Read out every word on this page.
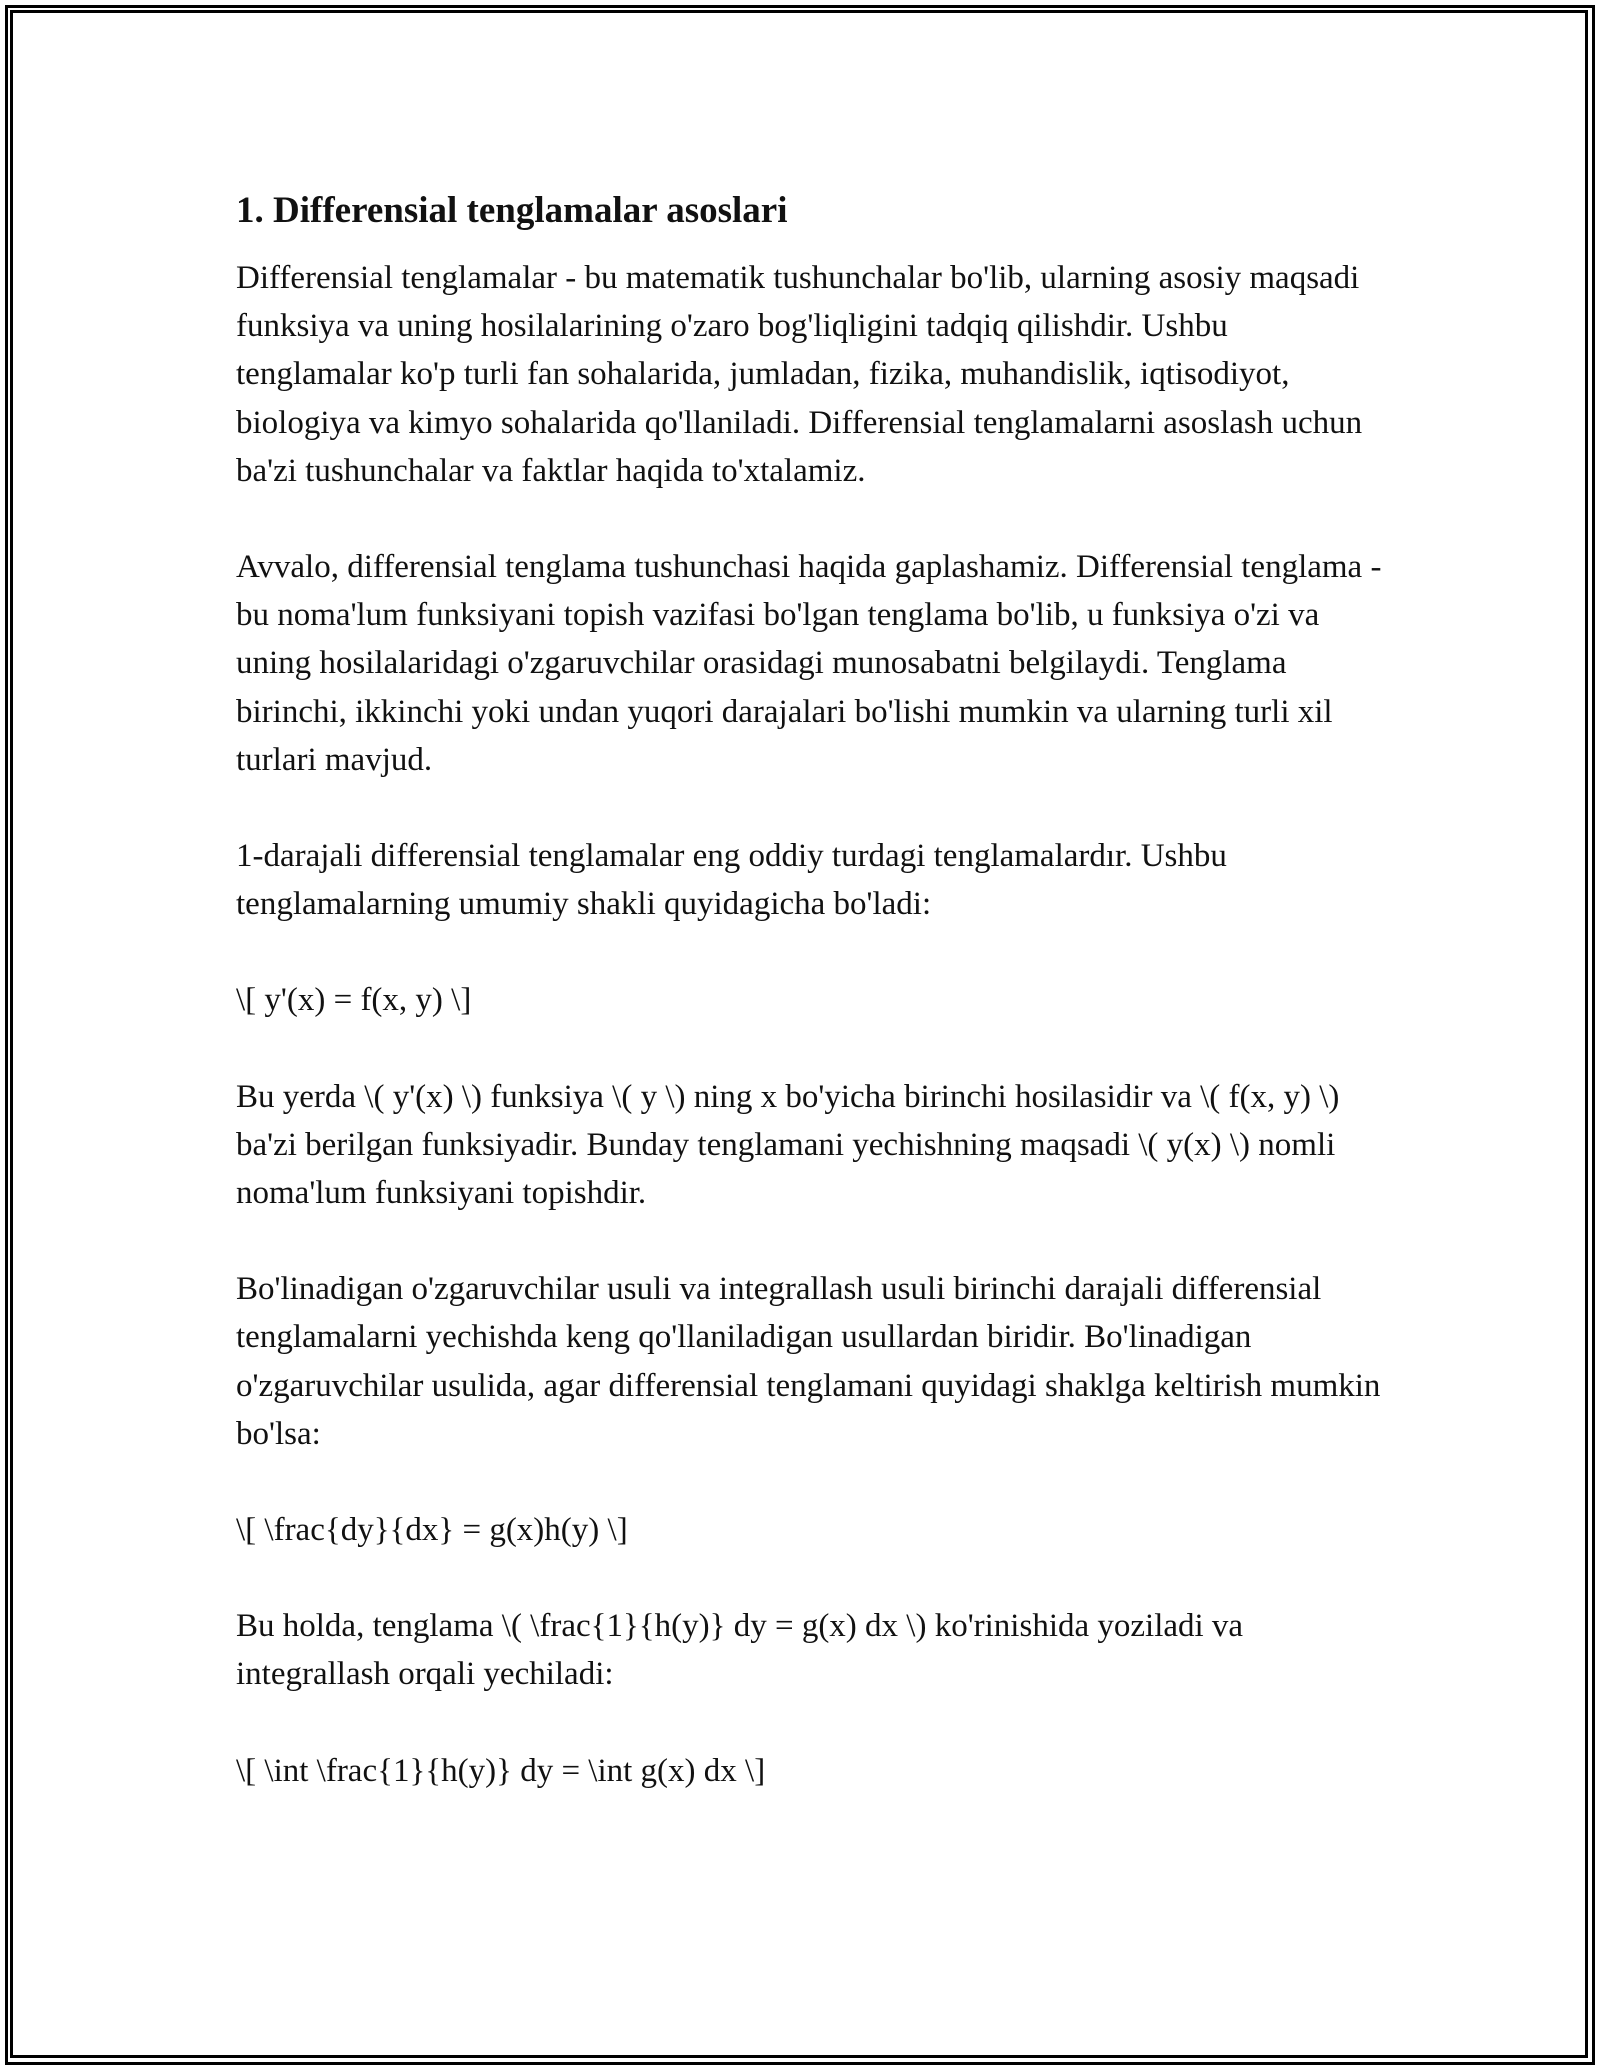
1. Differensial tenglamalar asoslari

Differensial tenglamalar - bu matematik tushunchalar bo'lib, ularning asosiy maqsadi funksiya va uning hosilalarining o'zaro bog'liqligini tadqiq qilishdir. Ushbu tenglamalar ko'p turli fan sohalarida, jumladan, fizika, muhandislik, iqtisodiyot, biologiya va kimyo sohalarida qo'llaniladi. Differensial tenglamalarni asoslash uchun ba'zi tushunchalar va faktlar haqida to'xtalamiz.

Avvalo, differensial tenglama tushunchasi haqida gaplashamiz. Differensial tenglama - bu noma'lum funksiyani topish vazifasi bo'lgan tenglama bo'lib, u funksiya o'zi va uning hosilalaridagi o'zgaruvchilar orasidagi munosabatni belgilaydi. Tenglama birinchi, ikkinchi yoki undan yuqori darajalari bo'lishi mumkin va ularning turli xil turlari mavjud.

1-darajali differensial tenglamalar eng oddiy turdagi tenglamalardır. Ushbu tenglamalarning umumiy shakli quyidagicha bo'ladi:

\[ y'(x) = f(x, y) \]

Bu yerda \( y'(x) \) funksiya \( y \) ning x bo'yicha birinchi hosilasidir va \( f(x, y) \) ba'zi berilgan funksiyadir. Bunday tenglamani yechishning maqsadi \( y(x) \) nomli noma'lum funksiyani topishdir.

Bo'linadigan o'zgaruvchilar usuli va integrallash usuli birinchi darajali differensial tenglamalarni yechishda keng qo'llaniladigan usullardan biridir. Bo'linadigan o'zgaruvchilar usulida, agar differensial tenglamani quyidagi shaklga keltirish mumkin bo'lsa:

\[ \frac{dy}{dx} = g(x)h(y) \]

Bu holda, tenglama \( \frac{1}{h(y)} dy = g(x) dx \) ko'rinishida yoziladi va integrallash orqali yechiladi:

\[ \int \frac{1}{h(y)} dy = \int g(x) dx \]
